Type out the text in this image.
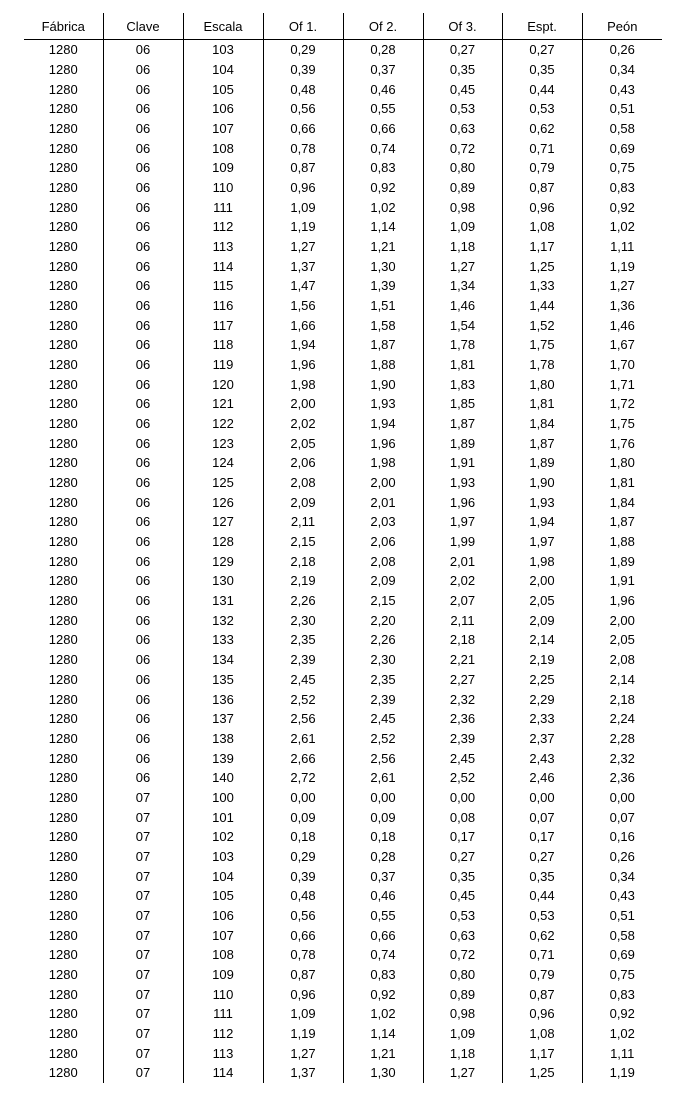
Fábrica	Clave	Escala	Of 1.	Of 2.	Of 3.	Espt.	Peón
1280	06	103	0,29	0,28	0,27	0,27	0,26
1280	06	104	0,39	0,37	0,35	0,35	0,34
1280	06	105	0,48	0,46	0,45	0,44	0,43
1280	06	106	0,56	0,55	0,53	0,53	0,51
1280	06	107	0,66	0,66	0,63	0,62	0,58
1280	06	108	0,78	0,74	0,72	0,71	0,69
1280	06	109	0,87	0,83	0,80	0,79	0,75
1280	06	110	0,96	0,92	0,89	0,87	0,83
1280	06	111	1,09	1,02	0,98	0,96	0,92
1280	06	112	1,19	1,14	1,09	1,08	1,02
1280	06	113	1,27	1,21	1,18	1,17	1,11
1280	06	114	1,37	1,30	1,27	1,25	1,19
1280	06	115	1,47	1,39	1,34	1,33	1,27
1280	06	116	1,56	1,51	1,46	1,44	1,36
1280	06	117	1,66	1,58	1,54	1,52	1,46
1280	06	118	1,94	1,87	1,78	1,75	1,67
1280	06	119	1,96	1,88	1,81	1,78	1,70
1280	06	120	1,98	1,90	1,83	1,80	1,71
1280	06	121	2,00	1,93	1,85	1,81	1,72
1280	06	122	2,02	1,94	1,87	1,84	1,75
1280	06	123	2,05	1,96	1,89	1,87	1,76
1280	06	124	2,06	1,98	1,91	1,89	1,80
1280	06	125	2,08	2,00	1,93	1,90	1,81
1280	06	126	2,09	2,01	1,96	1,93	1,84
1280	06	127	2,11	2,03	1,97	1,94	1,87
1280	06	128	2,15	2,06	1,99	1,97	1,88
1280	06	129	2,18	2,08	2,01	1,98	1,89
1280	06	130	2,19	2,09	2,02	2,00	1,91
1280	06	131	2,26	2,15	2,07	2,05	1,96
1280	06	132	2,30	2,20	2,11	2,09	2,00
1280	06	133	2,35	2,26	2,18	2,14	2,05
1280	06	134	2,39	2,30	2,21	2,19	2,08
1280	06	135	2,45	2,35	2,27	2,25	2,14
1280	06	136	2,52	2,39	2,32	2,29	2,18
1280	06	137	2,56	2,45	2,36	2,33	2,24
1280	06	138	2,61	2,52	2,39	2,37	2,28
1280	06	139	2,66	2,56	2,45	2,43	2,32
1280	06	140	2,72	2,61	2,52	2,46	2,36
1280	07	100	0,00	0,00	0,00	0,00	0,00
1280	07	101	0,09	0,09	0,08	0,07	0,07
1280	07	102	0,18	0,18	0,17	0,17	0,16
1280	07	103	0,29	0,28	0,27	0,27	0,26
1280	07	104	0,39	0,37	0,35	0,35	0,34
1280	07	105	0,48	0,46	0,45	0,44	0,43
1280	07	106	0,56	0,55	0,53	0,53	0,51
1280	07	107	0,66	0,66	0,63	0,62	0,58
1280	07	108	0,78	0,74	0,72	0,71	0,69
1280	07	109	0,87	0,83	0,80	0,79	0,75
1280	07	110	0,96	0,92	0,89	0,87	0,83
1280	07	111	1,09	1,02	0,98	0,96	0,92
1280	07	112	1,19	1,14	1,09	1,08	1,02
1280	07	113	1,27	1,21	1,18	1,17	1,11
1280	07	114	1,37	1,30	1,27	1,25	1,19
